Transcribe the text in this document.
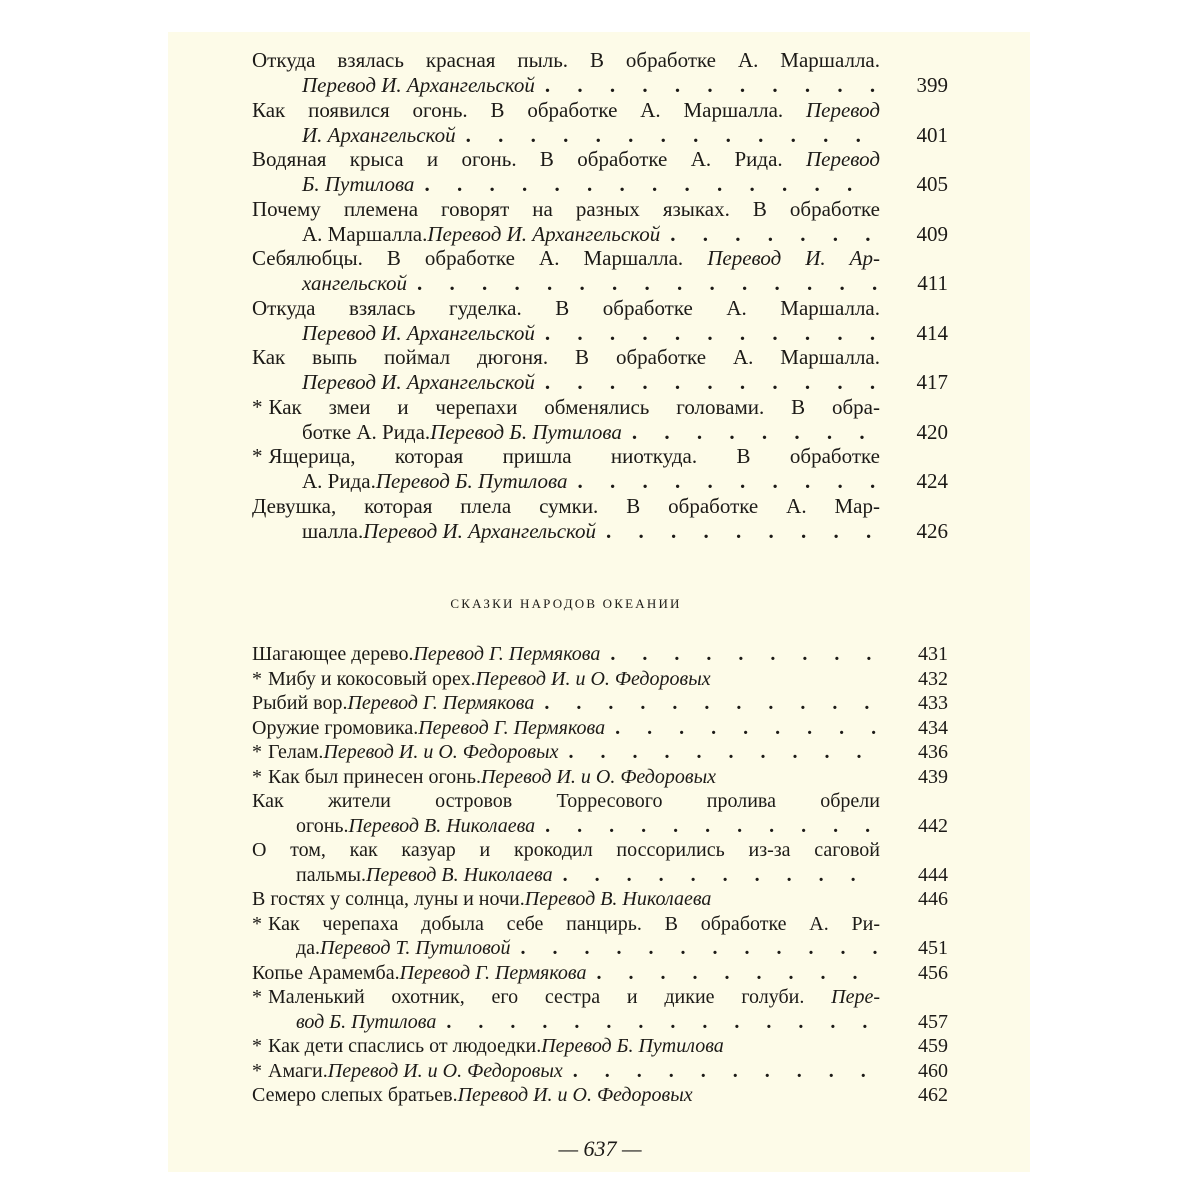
Откуда взялась красная пыль. В обработке А. Маршалла.
Перевод И. Архангельской . . .	399
Как появился огонь. В обработке А. Маршалла. Перевод
И. Архангельской . . .	401
Водяная крыса и огонь. В обработке А. Рида. Перевод
Б. Путилова . . .	405
Почему племена говорят на разных языках. В обработке
А. Маршалла. Перевод И. Архангельской . . .	409
Себялюбцы. В обработке А. Маршалла. Перевод И. Ар-
хангельской . . .	411
Откуда взялась гуделка. В обработке А. Маршалла.
Перевод И. Архангельской . . .	414
Как выпь поймал дюгоня. В обработке А. Маршалла.
Перевод И. Архангельской . . .	417
* Как змеи и черепахи обменялись головами. В обра-
ботке А. Рида. Перевод Б. Путилова . . .	420
* Ящерица, которая пришла ниоткуда. В обработке
А. Рида. Перевод Б. Путилова . . .	424
Девушка, которая плела сумки. В обработке А. Мар-
шалла. Перевод И. Архангельской . . .	426
СКАЗКИ НАРОДОВ ОКЕАНИИ
Шагающее дерево. Перевод Г. Пермякова . . .	431
* Мибу и кокосовый орех. Перевод И. и О. Федоровых	432
Рыбий вор. Перевод Г. Пермякова . . .	433
Оружие громовика. Перевод Г. Пермякова . . .	434
* Гелам. Перевод И. и О. Федоровых . . .	436
* Как был принесен огонь. Перевод И. и О. Федоровых	439
Как жители островов Торресового пролива обрели
огонь. Перевод В. Николаева . . .	442
О том, как казуар и крокодил поссорились из-за саговой
пальмы. Перевод В. Николаева . . .	444
В гостях у солнца, луны и ночи. Перевод В. Николаева	446
* Как черепаха добыла себе панцирь. В обработке А. Ри-
да. Перевод Т. Путиловой . . .	451
Копье Арамемба. Перевод Г. Пермякова . . .	456
* Маленький охотник, его сестра и дикие голуби. Пере-
вод Б. Путилова . . .	457
* Как дети спаслись от людоедки. Перевод Б. Путилова	459
* Амаги. Перевод И. и О. Федоровых . . .	460
Семеро слепых братьев. Перевод И. и О. Федоровых	462
— 637 —
